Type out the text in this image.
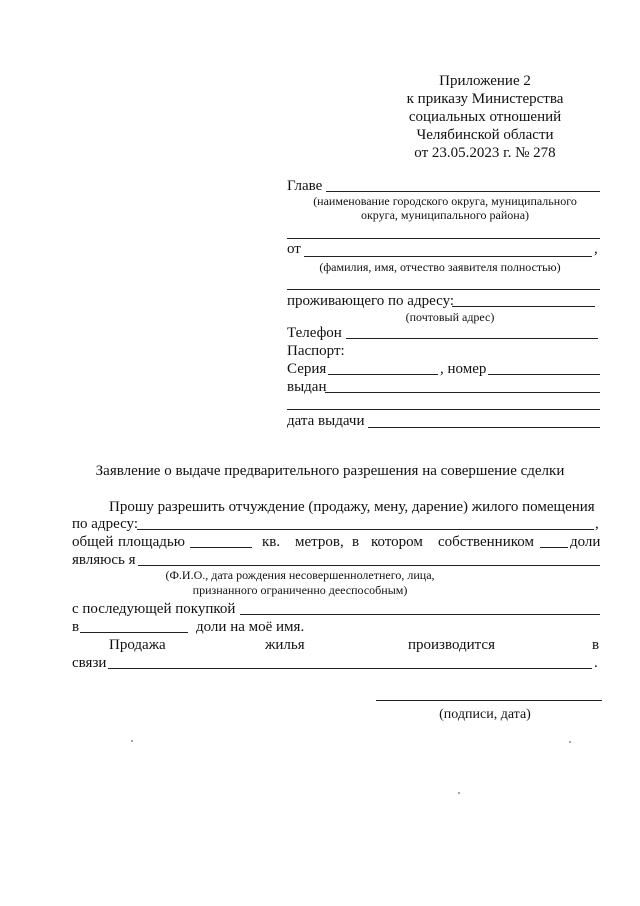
Приложение 2
к приказу Министерства
социальных отношений
Челябинской области
от 23.05.2023 г. № 278
Главе
(наименование городского округа, муниципального
округа, муниципального района)
от	,
(фамилия, имя, отчество заявителя полностью)
проживающего по адресу:
(почтовый адрес)
Телефон
Паспорт:
Серия	, номер
выдан
дата выдачи
Заявление о выдаче предварительного разрешения на совершение сделки
Прошу разрешить отчуждение (продажу, мену, дарение) жилого помещения
по адресу:	,
общей площадью	кв. метров, в котором собственником доли
являюсь я
(Ф.И.О., дата рождения несовершеннолетнего, лица,
признанного ограниченно дееспособным)
с последующей покупкой
в	доли на моё имя.
Продажа	жилья	производится	в
связи	.
(подписи, дата)
